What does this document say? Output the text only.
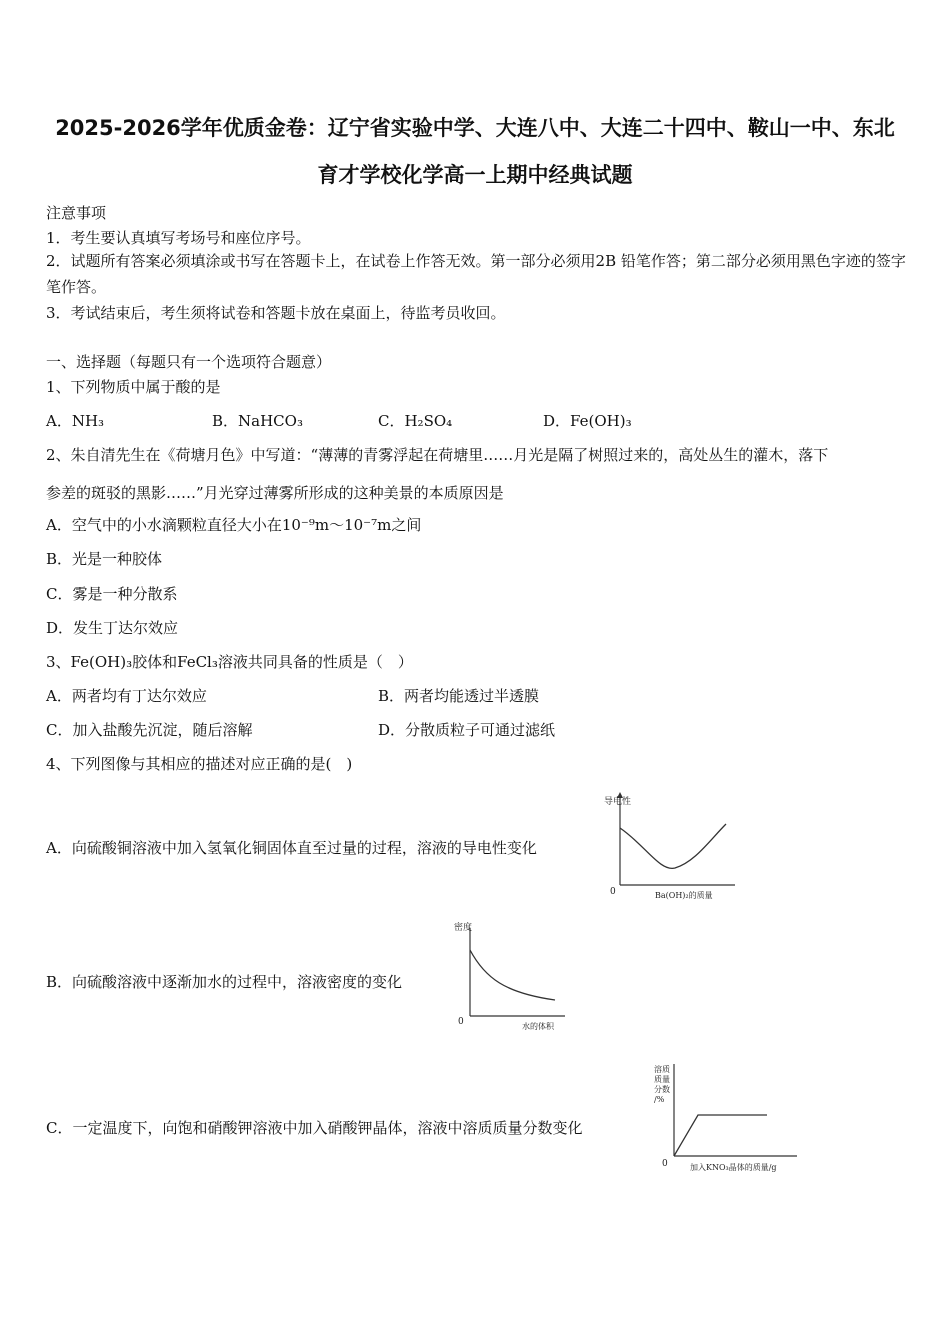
2025-2026学年优质金卷：辽宁省实验中学、大连八中、大连二十四中、鞍山一中、东北
育才学校化学高一上期中经典试题
注意事项
1．考生要认真填写考场号和座位序号。
2．试题所有答案必须填涂或书写在答题卡上，在试卷上作答无效。第一部分必须用2B 铅笔作答；第二部分必须用黑色字迹的签字笔作答。
3．考试结束后，考生须将试卷和答题卡放在桌面上，待监考员收回。
一、选择题（每题只有一个选项符合题意）
1、下列物质中属于酸的是
A．NH₃	B．NaHCO₃	C．H₂SO₄	D．Fe(OH)₃
2、朱自清先生在《荷塘月色》中写道：“薄薄的青雾浮起在荷塘里……月光是隔了树照过来的，高处丛生的灌木，落下
参差的斑驳的黑影……”月光穿过薄雾所形成的这种美景的本质原因是
A．空气中的小水滴颗粒直径大小在10⁻⁹m～10⁻⁷m之间
B．光是一种胶体
C．雾是一种分散系
D．发生丁达尔效应
3、Fe(OH)₃胶体和FeCl₃溶液共同具备的性质是（　）
A．两者均有丁达尔效应	B．两者均能透过半透膜
C．加入盐酸先沉淀，随后溶解	D．分散质粒子可通过滤纸
4、下列图像与其相应的描述对应正确的是(　)
A．向硫酸铜溶液中加入氢氧化铜固体直至过量的过程，溶液的导电性变化
导电性
0	Ba(OH)₂的质量
B．向硫酸溶液中逐渐加水的过程中，溶液密度的变化
密度
0	水的体积
C．一定温度下，向饱和硝酸钾溶液中加入硝酸钾晶体，溶液中溶质质量分数变化
溶质质量分数/%
0	加入KNO₃晶体的质量/g
